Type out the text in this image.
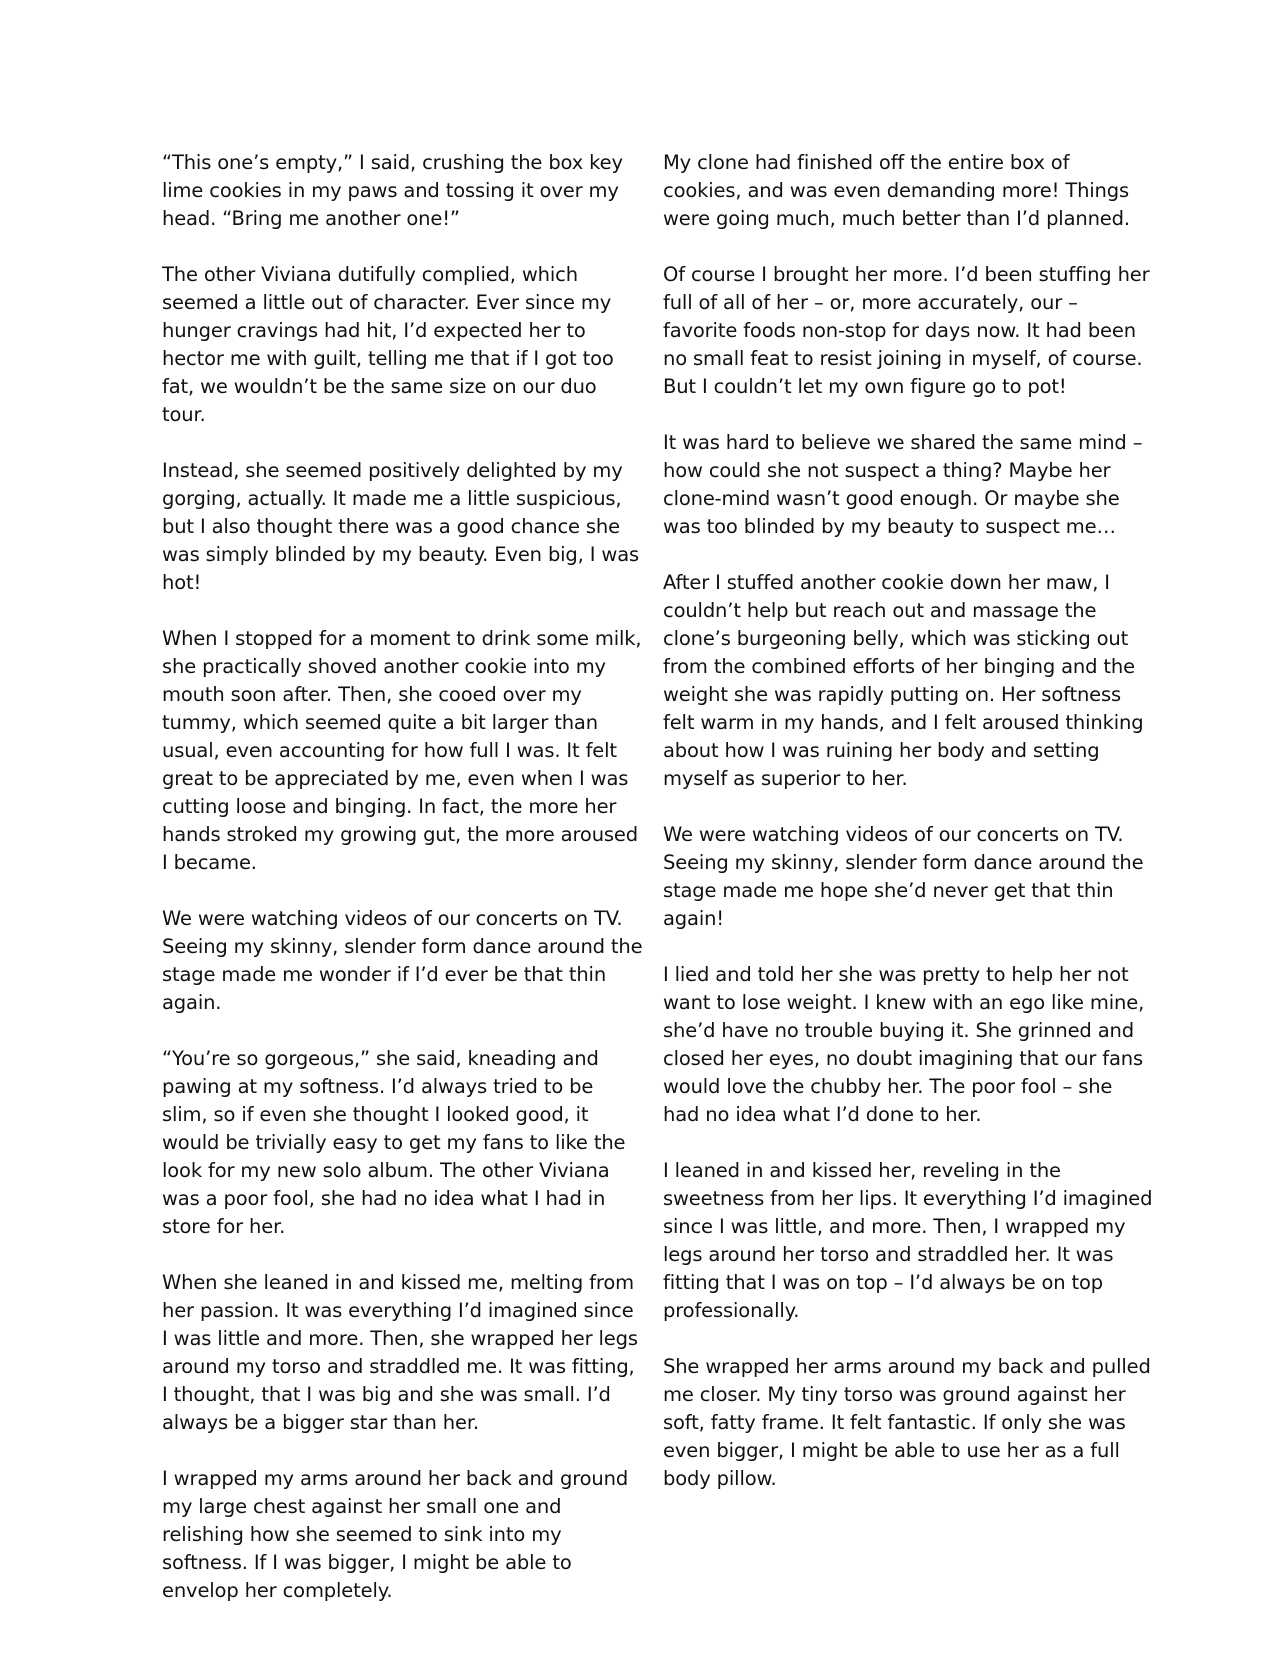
“This one’s empty,” I said, crushing the box key lime cookies in my paws and tossing it over my head. “Bring me another one!”

The other Viviana dutifully complied, which seemed a little out of character. Ever since my hunger cravings had hit, I’d expected her to hector me with guilt, telling me that if I got too fat, we wouldn’t be the same size on our duo tour.

Instead, she seemed positively delighted by my gorging, actually. It made me a little suspicious, but I also thought there was a good chance she was simply blinded by my beauty. Even big, I was hot!

When I stopped for a moment to drink some milk, she practically shoved another cookie into my mouth soon after. Then, she cooed over my tummy, which seemed quite a bit larger than usual, even accounting for how full I was. It felt great to be appreciated by me, even when I was cutting loose and binging. In fact, the more her hands stroked my growing gut, the more aroused I became.

We were watching videos of our concerts on TV. Seeing my skinny, slender form dance around the stage made me wonder if I’d ever be that thin again.

“You’re so gorgeous,” she said, kneading and pawing at my softness. I’d always tried to be slim, so if even she thought I looked good, it would be trivially easy to get my fans to like the look for my new solo album. The other Viviana was a poor fool, she had no idea what I had in store for her.

When she leaned in and kissed me, melting from her passion. It was everything I’d imagined since I was little and more. Then, she wrapped her legs around my torso and straddled me. It was fitting, I thought, that I was big and she was small. I’d always be a bigger star than her.

I wrapped my arms around her back and ground my large chest against her small one and relishing how she seemed to sink into my softness. If I was bigger, I might be able to envelop her completely.

My clone had finished off the entire box of cookies, and was even demanding more! Things were going much, much better than I’d planned.

Of course I brought her more. I’d been stuffing her full of all of her – or, more accurately, our – favorite foods non-stop for days now. It had been no small feat to resist joining in myself, of course. But I couldn’t let my own figure go to pot!

It was hard to believe we shared the same mind – how could she not suspect a thing? Maybe her clone-mind wasn’t good enough. Or maybe she was too blinded by my beauty to suspect me…

After I stuffed another cookie down her maw, I couldn’t help but reach out and massage the clone’s burgeoning belly, which was sticking out from the combined efforts of her binging and the weight she was rapidly putting on. Her softness felt warm in my hands, and I felt aroused thinking about how I was ruining her body and setting myself as superior to her.

We were watching videos of our concerts on TV. Seeing my skinny, slender form dance around the stage made me hope she’d never get that thin again!

I lied and told her she was pretty to help her not want to lose weight. I knew with an ego like mine, she’d have no trouble buying it. She grinned and closed her eyes, no doubt imagining that our fans would love the chubby her. The poor fool – she had no idea what I’d done to her.

I leaned in and kissed her, reveling in the sweetness from her lips. It everything I’d imagined since I was little, and more. Then, I wrapped my legs around her torso and straddled her. It was fitting that I was on top – I’d always be on top professionally.

She wrapped her arms around my back and pulled me closer. My tiny torso was ground against her soft, fatty frame. It felt fantastic. If only she was even bigger, I might be able to use her as a full body pillow.
